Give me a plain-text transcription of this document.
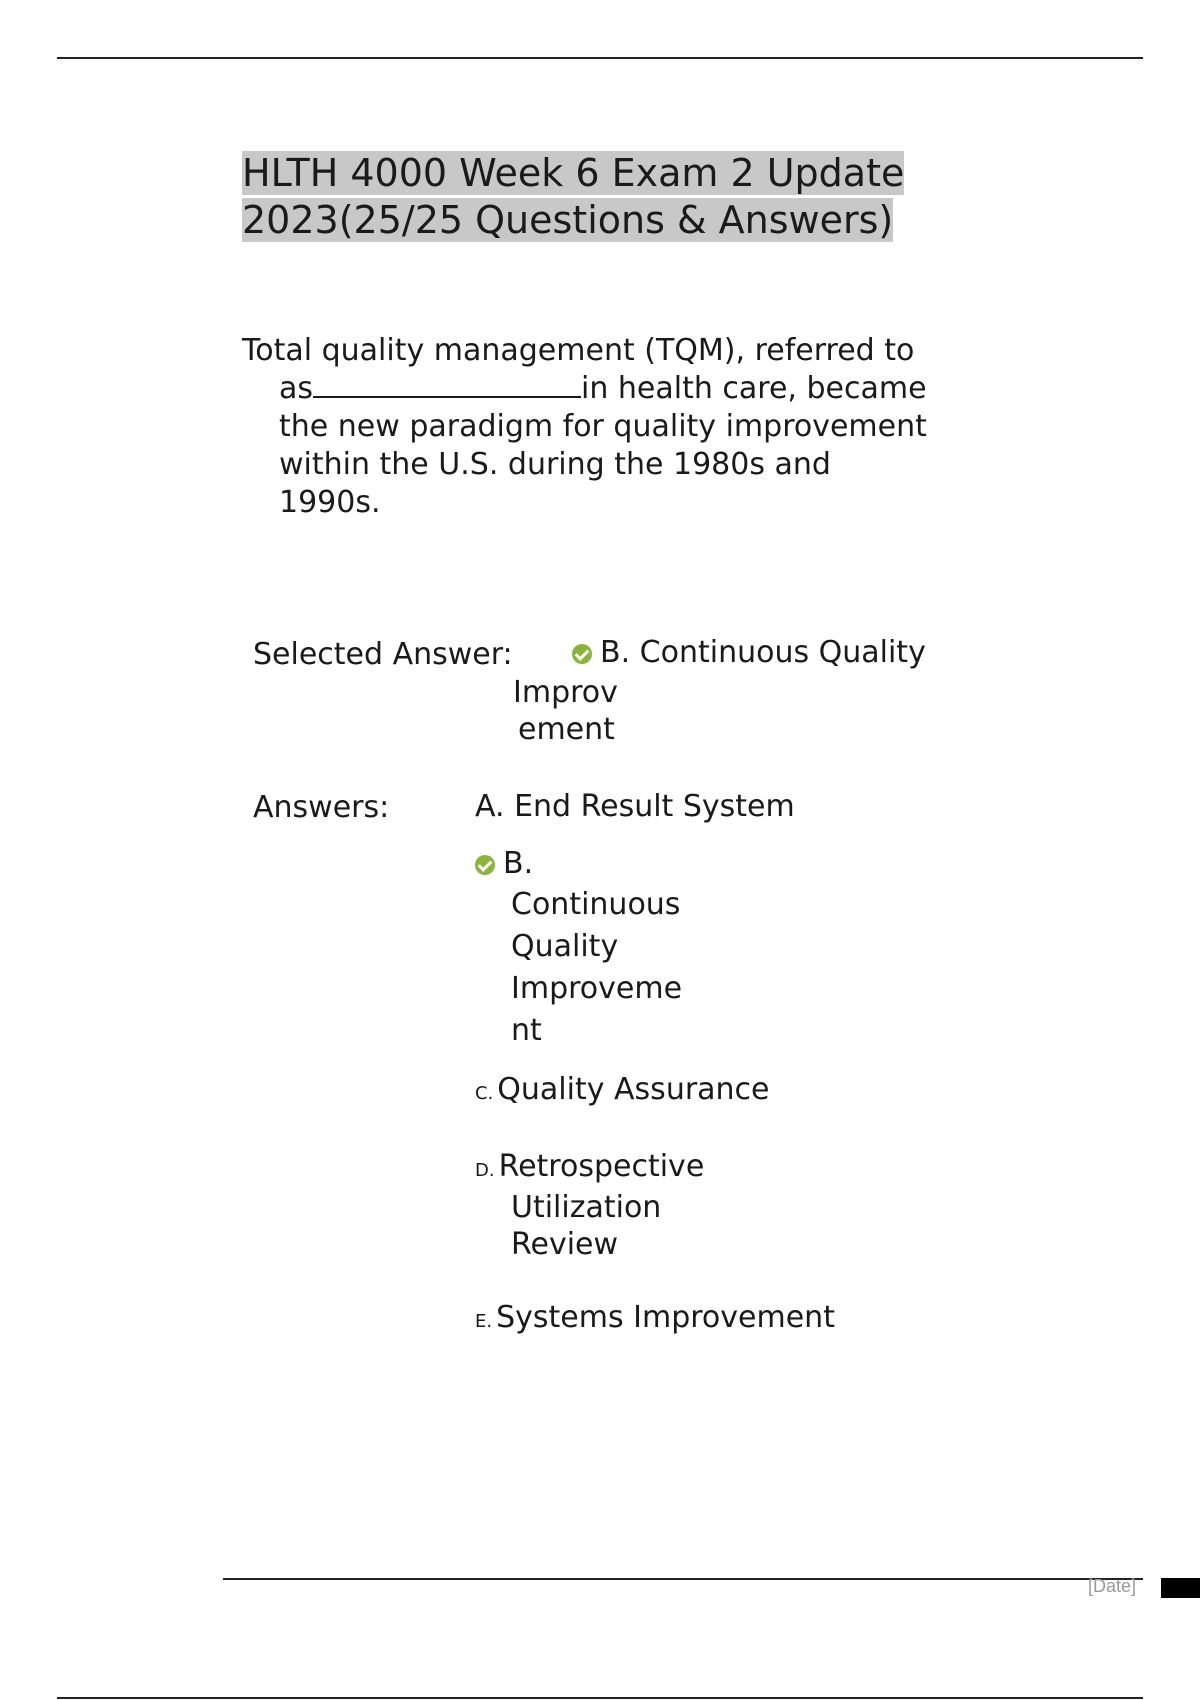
HLTH 4000 Week 6 Exam 2 Update
2023(25/25 Questions & Answers)

Total quality management (TQM), referred to as	in health care, became the new paradigm for quality improvement within the U.S. during the 1980s and 1990s.

Selected Answer:	B. Continuous Quality
Improv
ement
Answers:	A. End Result System
B.
Continuous Quality Improveme nt
C. Quality Assurance
D. Retrospective Utilization Review
E. Systems Improvement
[Date]
